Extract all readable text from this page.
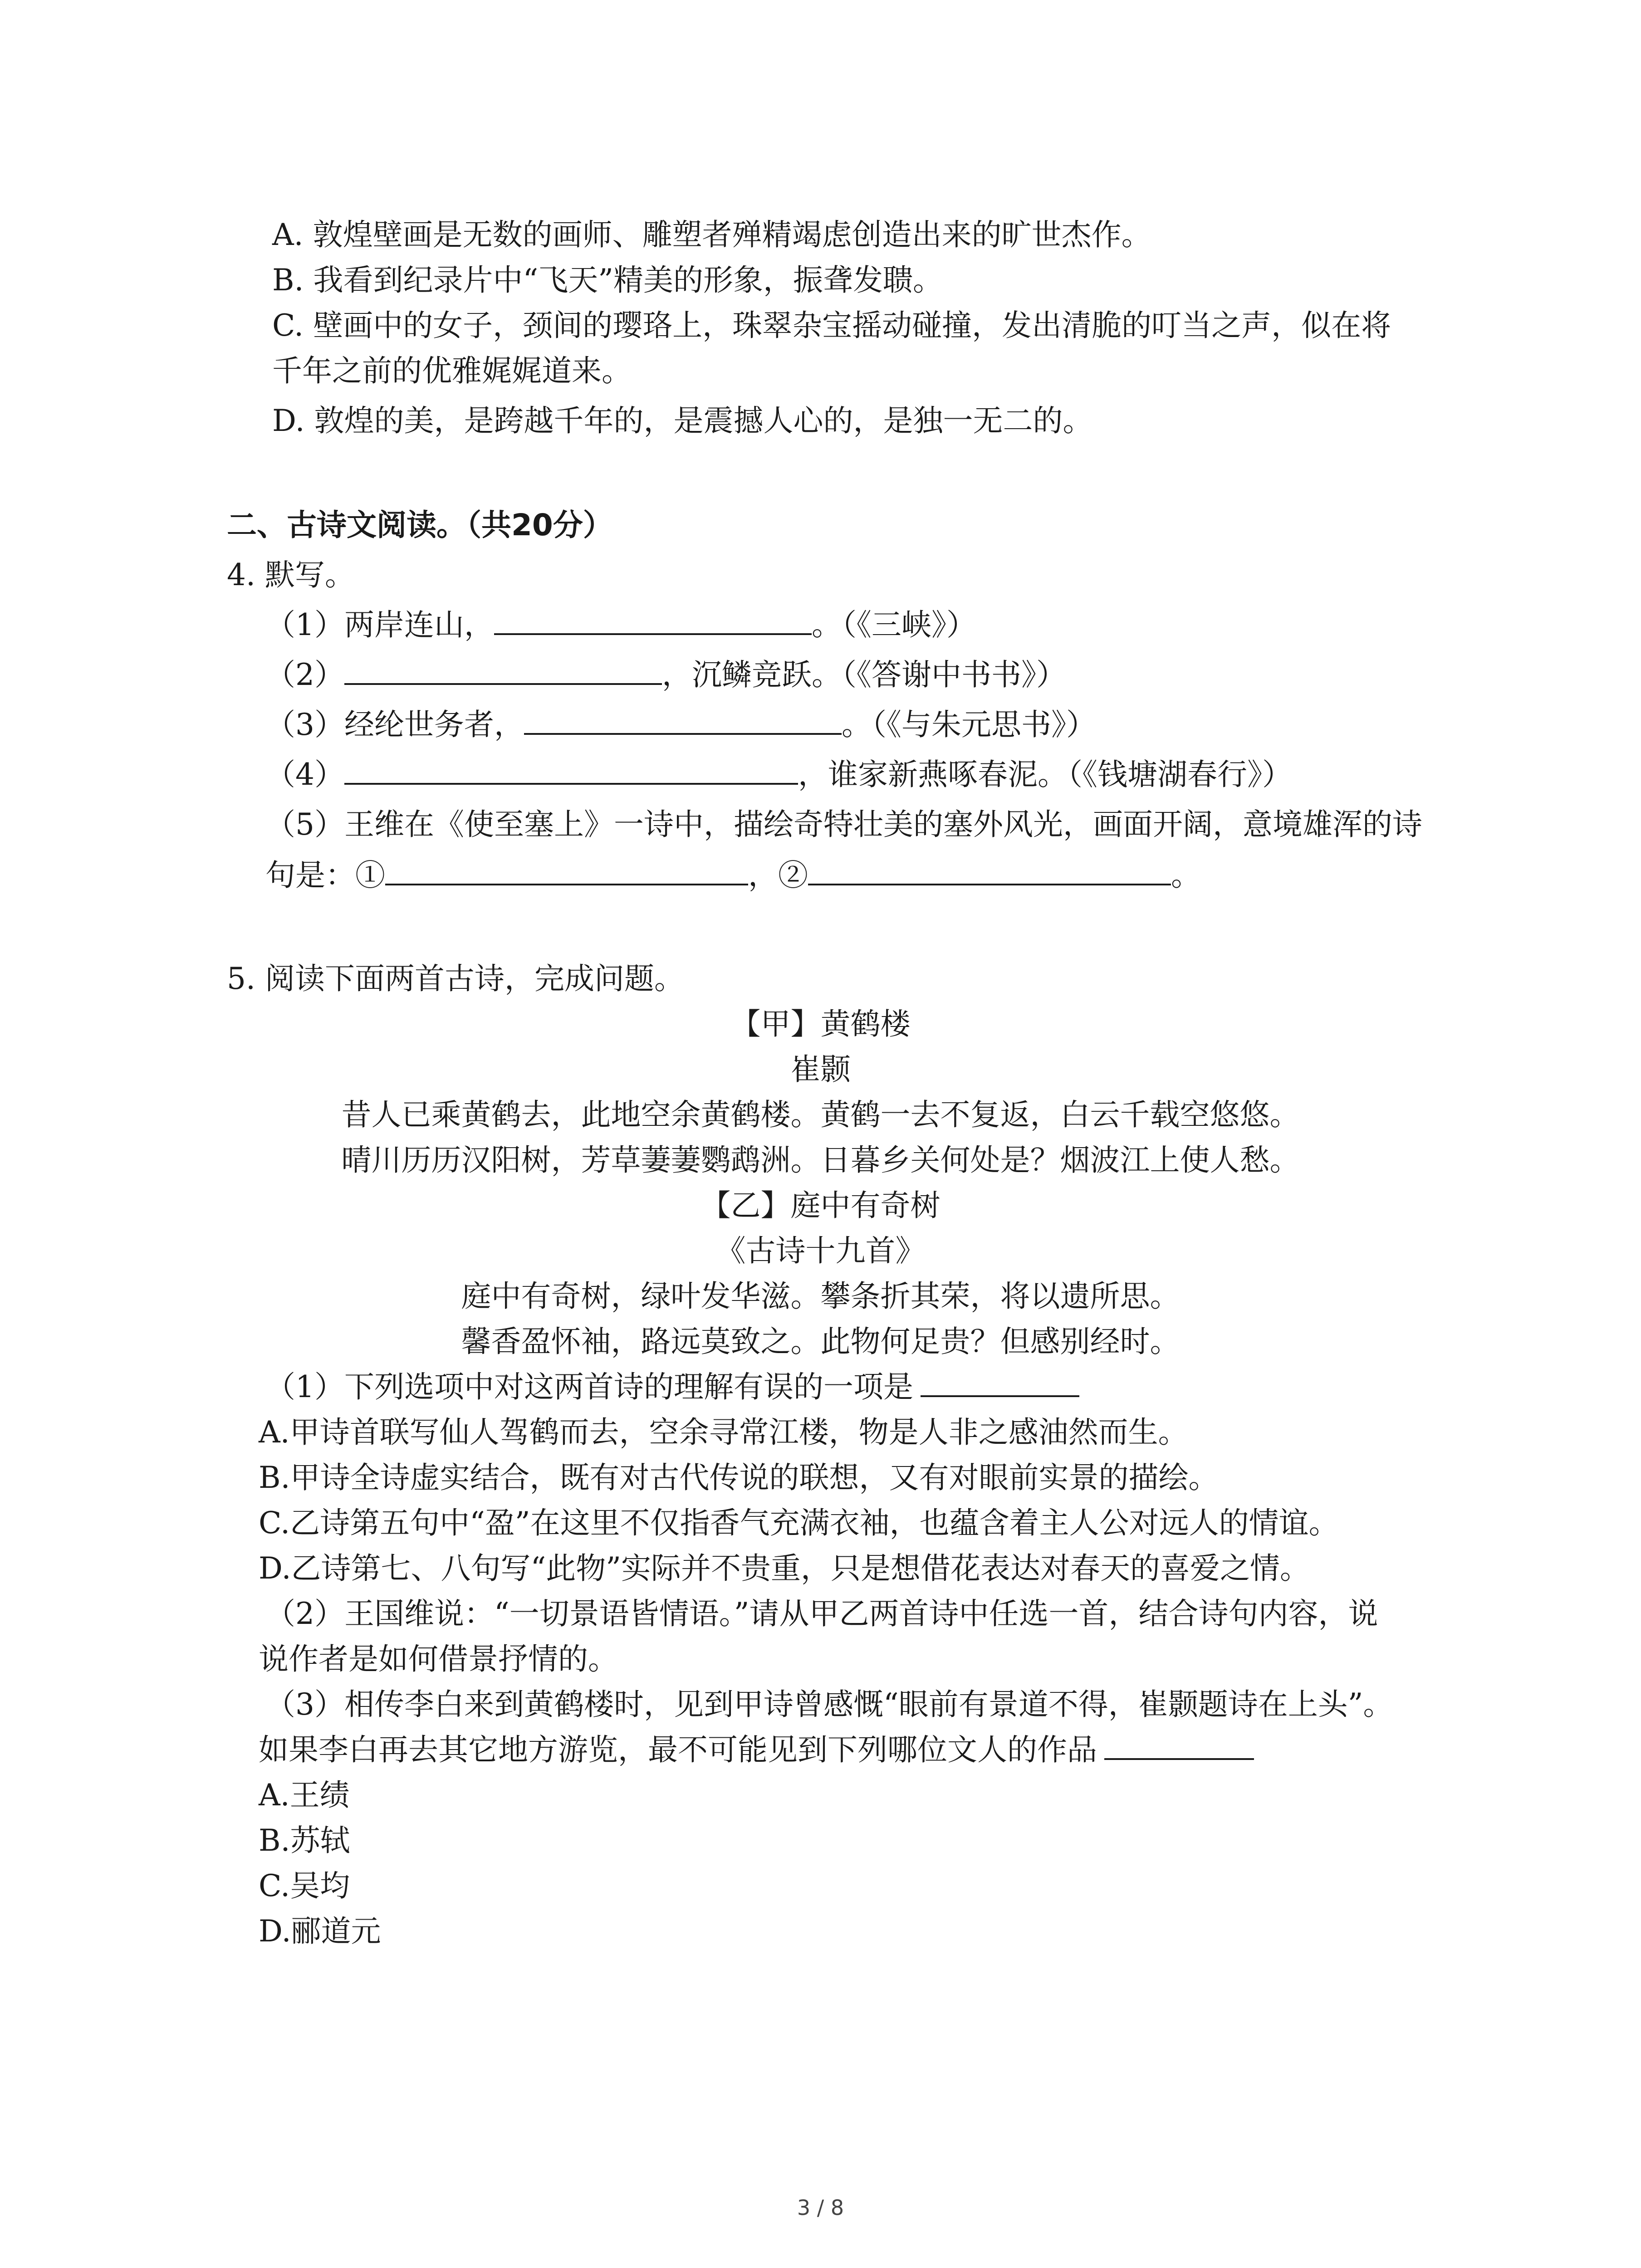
A. 敦煌壁画是无数的画师、雕塑者殚精竭虑创造出来的旷世杰作。
B. 我看到纪录片中“飞天”精美的形象，振聋发聩。
C. 壁画中的女子，颈间的璎珞上，珠翠杂宝摇动碰撞，发出清脆的叮当之声，似在将
千年之前的优雅娓娓道来。
D. 敦煌的美，是跨越千年的，是震撼人心的，是独一无二的。
二、古诗文阅读。（共20分）
4. 默写。
（1）两岸连山，	。（《三峡》）
（2）	，沉鳞竞跃。（《答谢中书书》）
（3）经纶世务者，	。（《与朱元思书》）
（4）	，谁家新燕啄春泥。（《钱塘湖春行》）
（5）王维在《使至塞上》一诗中，描绘奇特壮美的塞外风光，画面开阔，意境雄浑的诗
句是：①	，②	。
5. 阅读下面两首古诗，完成问题。
【甲】黄鹤楼
崔颢
昔人已乘黄鹤去，此地空余黄鹤楼。黄鹤一去不复返，白云千载空悠悠。
晴川历历汉阳树，芳草萋萋鹦鹉洲。日暮乡关何处是？烟波江上使人愁。
【乙】庭中有奇树
《古诗十九首》
庭中有奇树，绿叶发华滋。攀条折其荣，将以遗所思。
馨香盈怀袖，路远莫致之。此物何足贵？但感别经时。
（1）下列选项中对这两首诗的理解有误的一项是
A.甲诗首联写仙人驾鹤而去，空余寻常江楼，物是人非之感油然而生。
B.甲诗全诗虚实结合，既有对古代传说的联想，又有对眼前实景的描绘。
C.乙诗第五句中“盈”在这里不仅指香气充满衣袖，也蕴含着主人公对远人的情谊。
D.乙诗第七、八句写“此物”实际并不贵重，只是想借花表达对春天的喜爱之情。
（2）王国维说：“一切景语皆情语。”请从甲乙两首诗中任选一首，结合诗句内容，说
说作者是如何借景抒情的。
（3）相传李白来到黄鹤楼时，见到甲诗曾感慨“眼前有景道不得，崔颢题诗在上头”。
如果李白再去其它地方游览，最不可能见到下列哪位文人的作品
A.王绩
B.苏轼
C.吴均
D.郦道元
3 / 8
